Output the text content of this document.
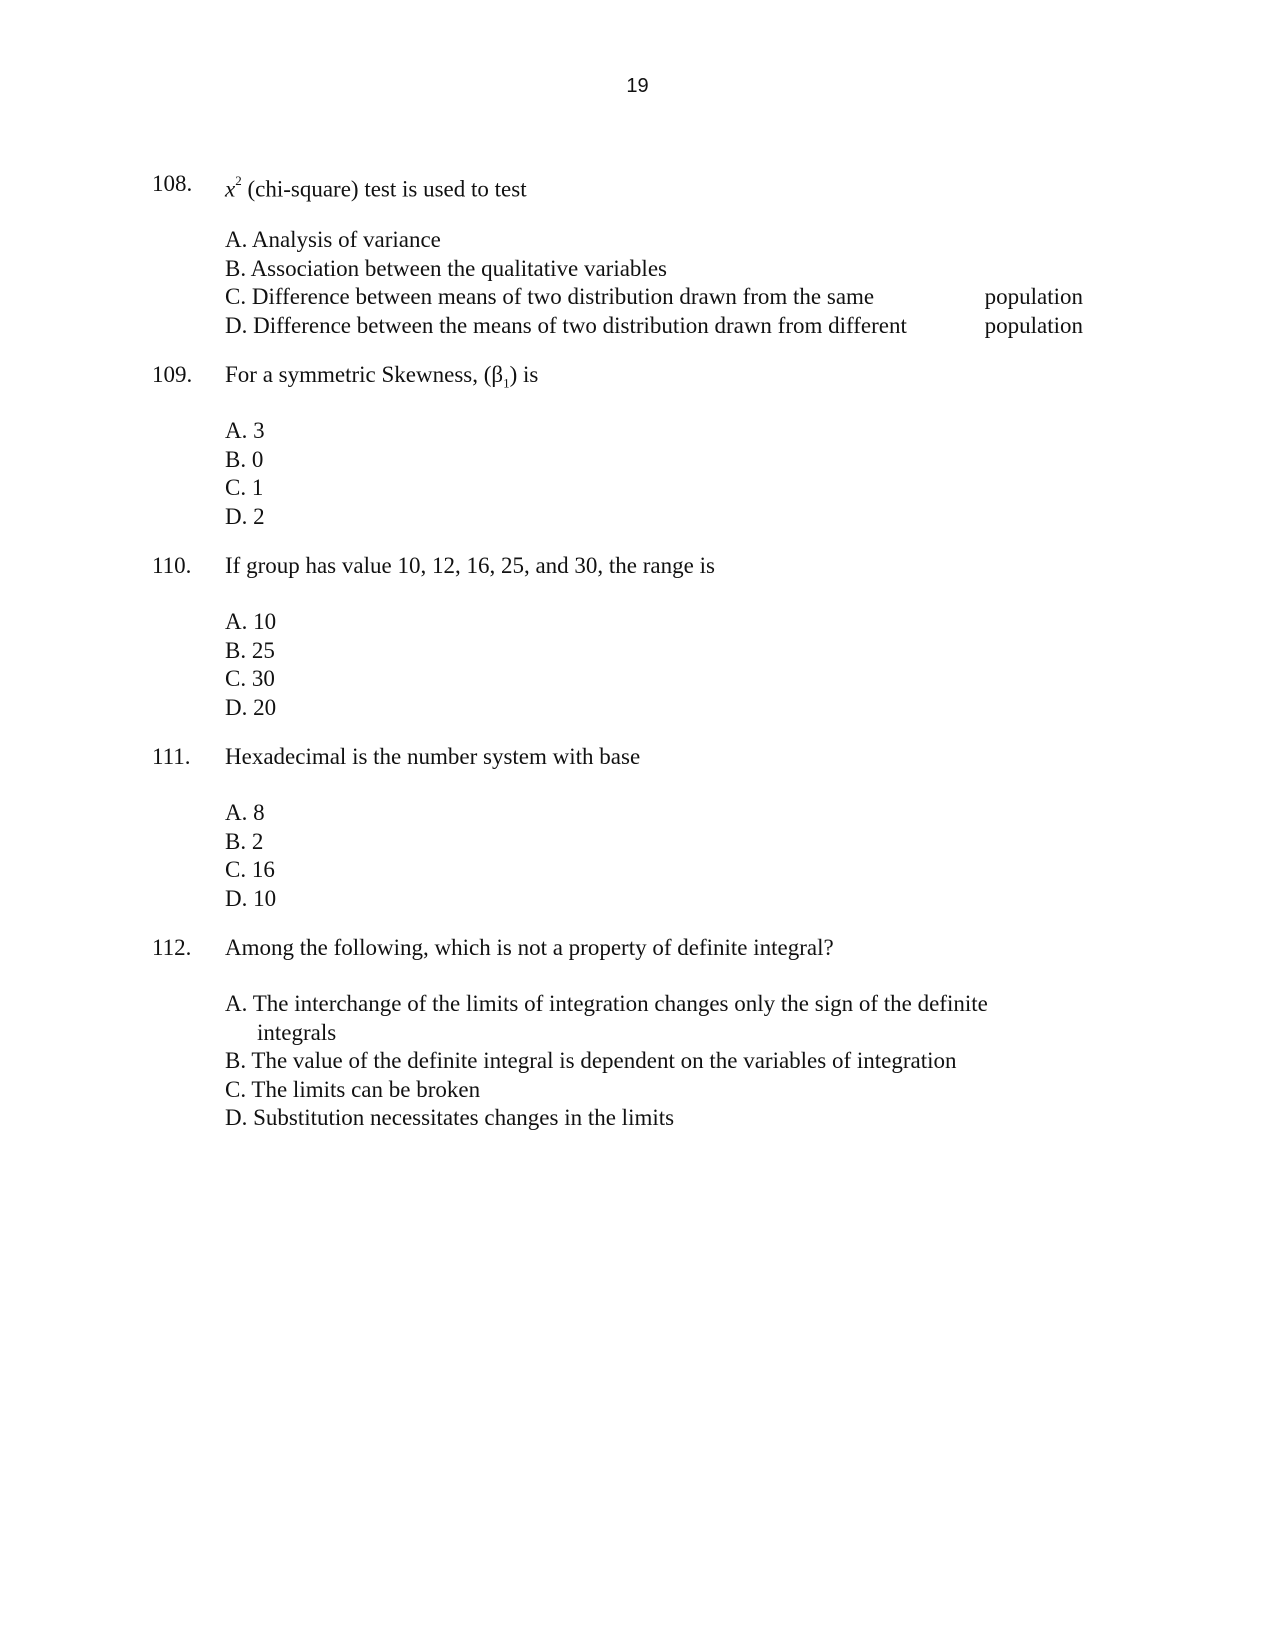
19
108. $x^2$ (chi-square) test is used to test
A. Analysis of variance
B. Association between the qualitative variables
C. Difference between means of two distribution drawn from the same	population
D. Difference between the means of two distribution drawn from different	population
109. For a symmetric Skewness, $(\beta_1)$ is
A. 3
B. 0
C. 1
D. 2
110. If group has value 10, 12, 16, 25, and 30, the range is
A. 10
B. 25
C. 30
D. 20
111. Hexadecimal is the number system with base
A. 8
B. 2
C. 16
D. 10
112. Among the following, which is not a property of definite integral?
A. The interchange of the limits of integration changes only the sign of the definite
integrals
B. The value of the definite integral is dependent on the variables of integration
C. The limits can be broken
D. Substitution necessitates changes in the limits
